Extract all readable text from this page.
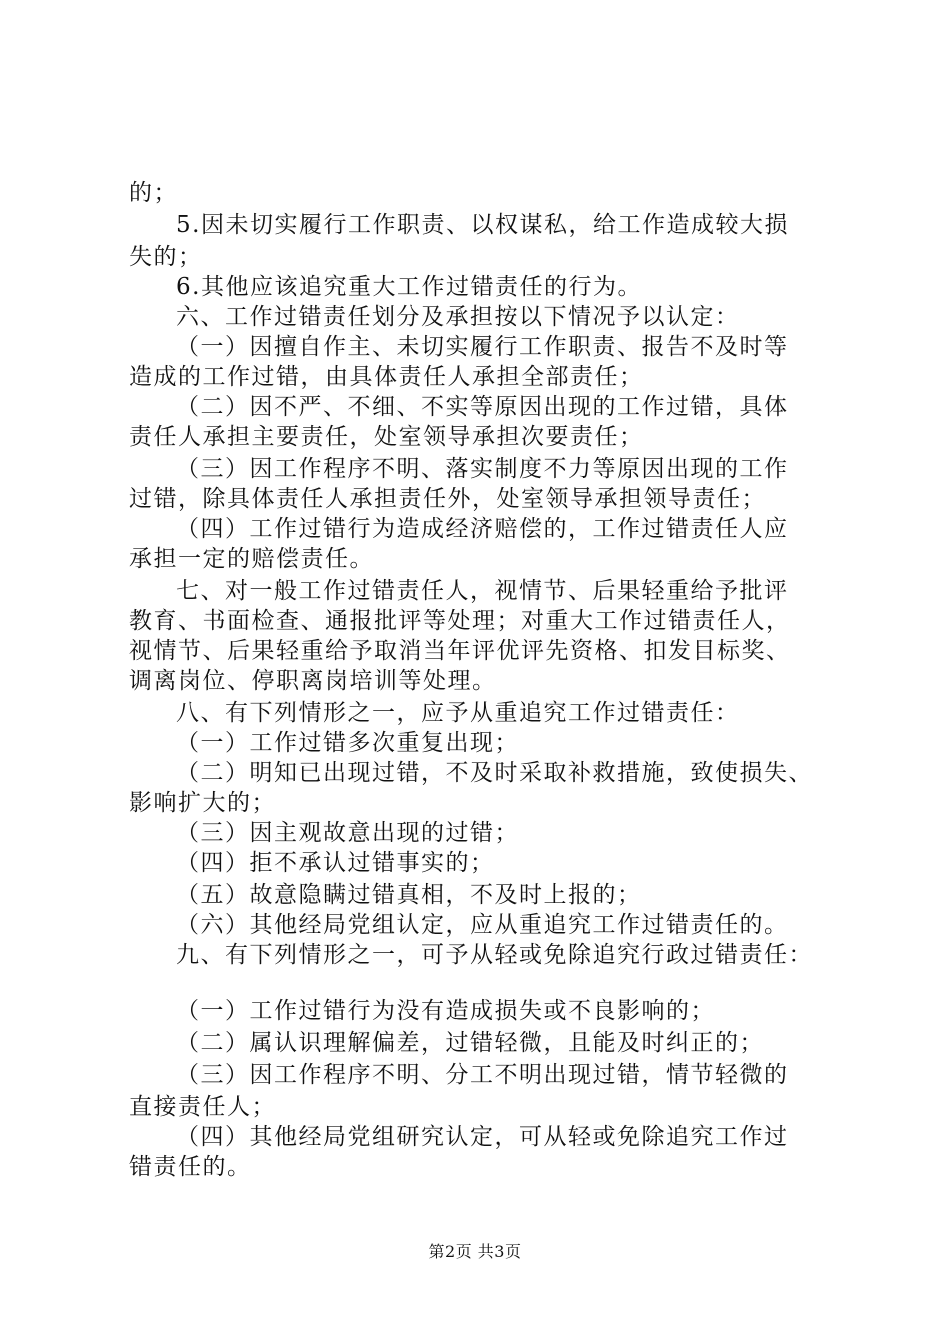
的；
5.因未切实履行工作职责、以权谋私，给工作造成较大损
失的；
6.其他应该追究重大工作过错责任的行为。
六、工作过错责任划分及承担按以下情况予以认定：
（一）因擅自作主、未切实履行工作职责、报告不及时等
造成的工作过错，由具体责任人承担全部责任；
（二）因不严、不细、不实等原因出现的工作过错，具体
责任人承担主要责任，处室领导承担次要责任；
（三）因工作程序不明、落实制度不力等原因出现的工作
过错，除具体责任人承担责任外，处室领导承担领导责任；
（四）工作过错行为造成经济赔偿的，工作过错责任人应
承担一定的赔偿责任。
七、对一般工作过错责任人，视情节、后果轻重给予批评
教育、书面检查、通报批评等处理；对重大工作过错责任人，
视情节、后果轻重给予取消当年评优评先资格、扣发目标奖、
调离岗位、停职离岗培训等处理。
八、有下列情形之一，应予从重追究工作过错责任：
（一）工作过错多次重复出现；
（二）明知已出现过错，不及时采取补救措施，致使损失、
影响扩大的；
（三）因主观故意出现的过错；
（四）拒不承认过错事实的；
（五）故意隐瞒过错真相，不及时上报的；
（六）其他经局党组认定，应从重追究工作过错责任的。
九、有下列情形之一，可予从轻或免除追究行政过错责任：
（一）工作过错行为没有造成损失或不良影响的；
（二）属认识理解偏差，过错轻微，且能及时纠正的；
（三）因工作程序不明、分工不明出现过错，情节轻微的
直接责任人；
（四）其他经局党组研究认定，可从轻或免除追究工作过
错责任的。
第2页 共3页
